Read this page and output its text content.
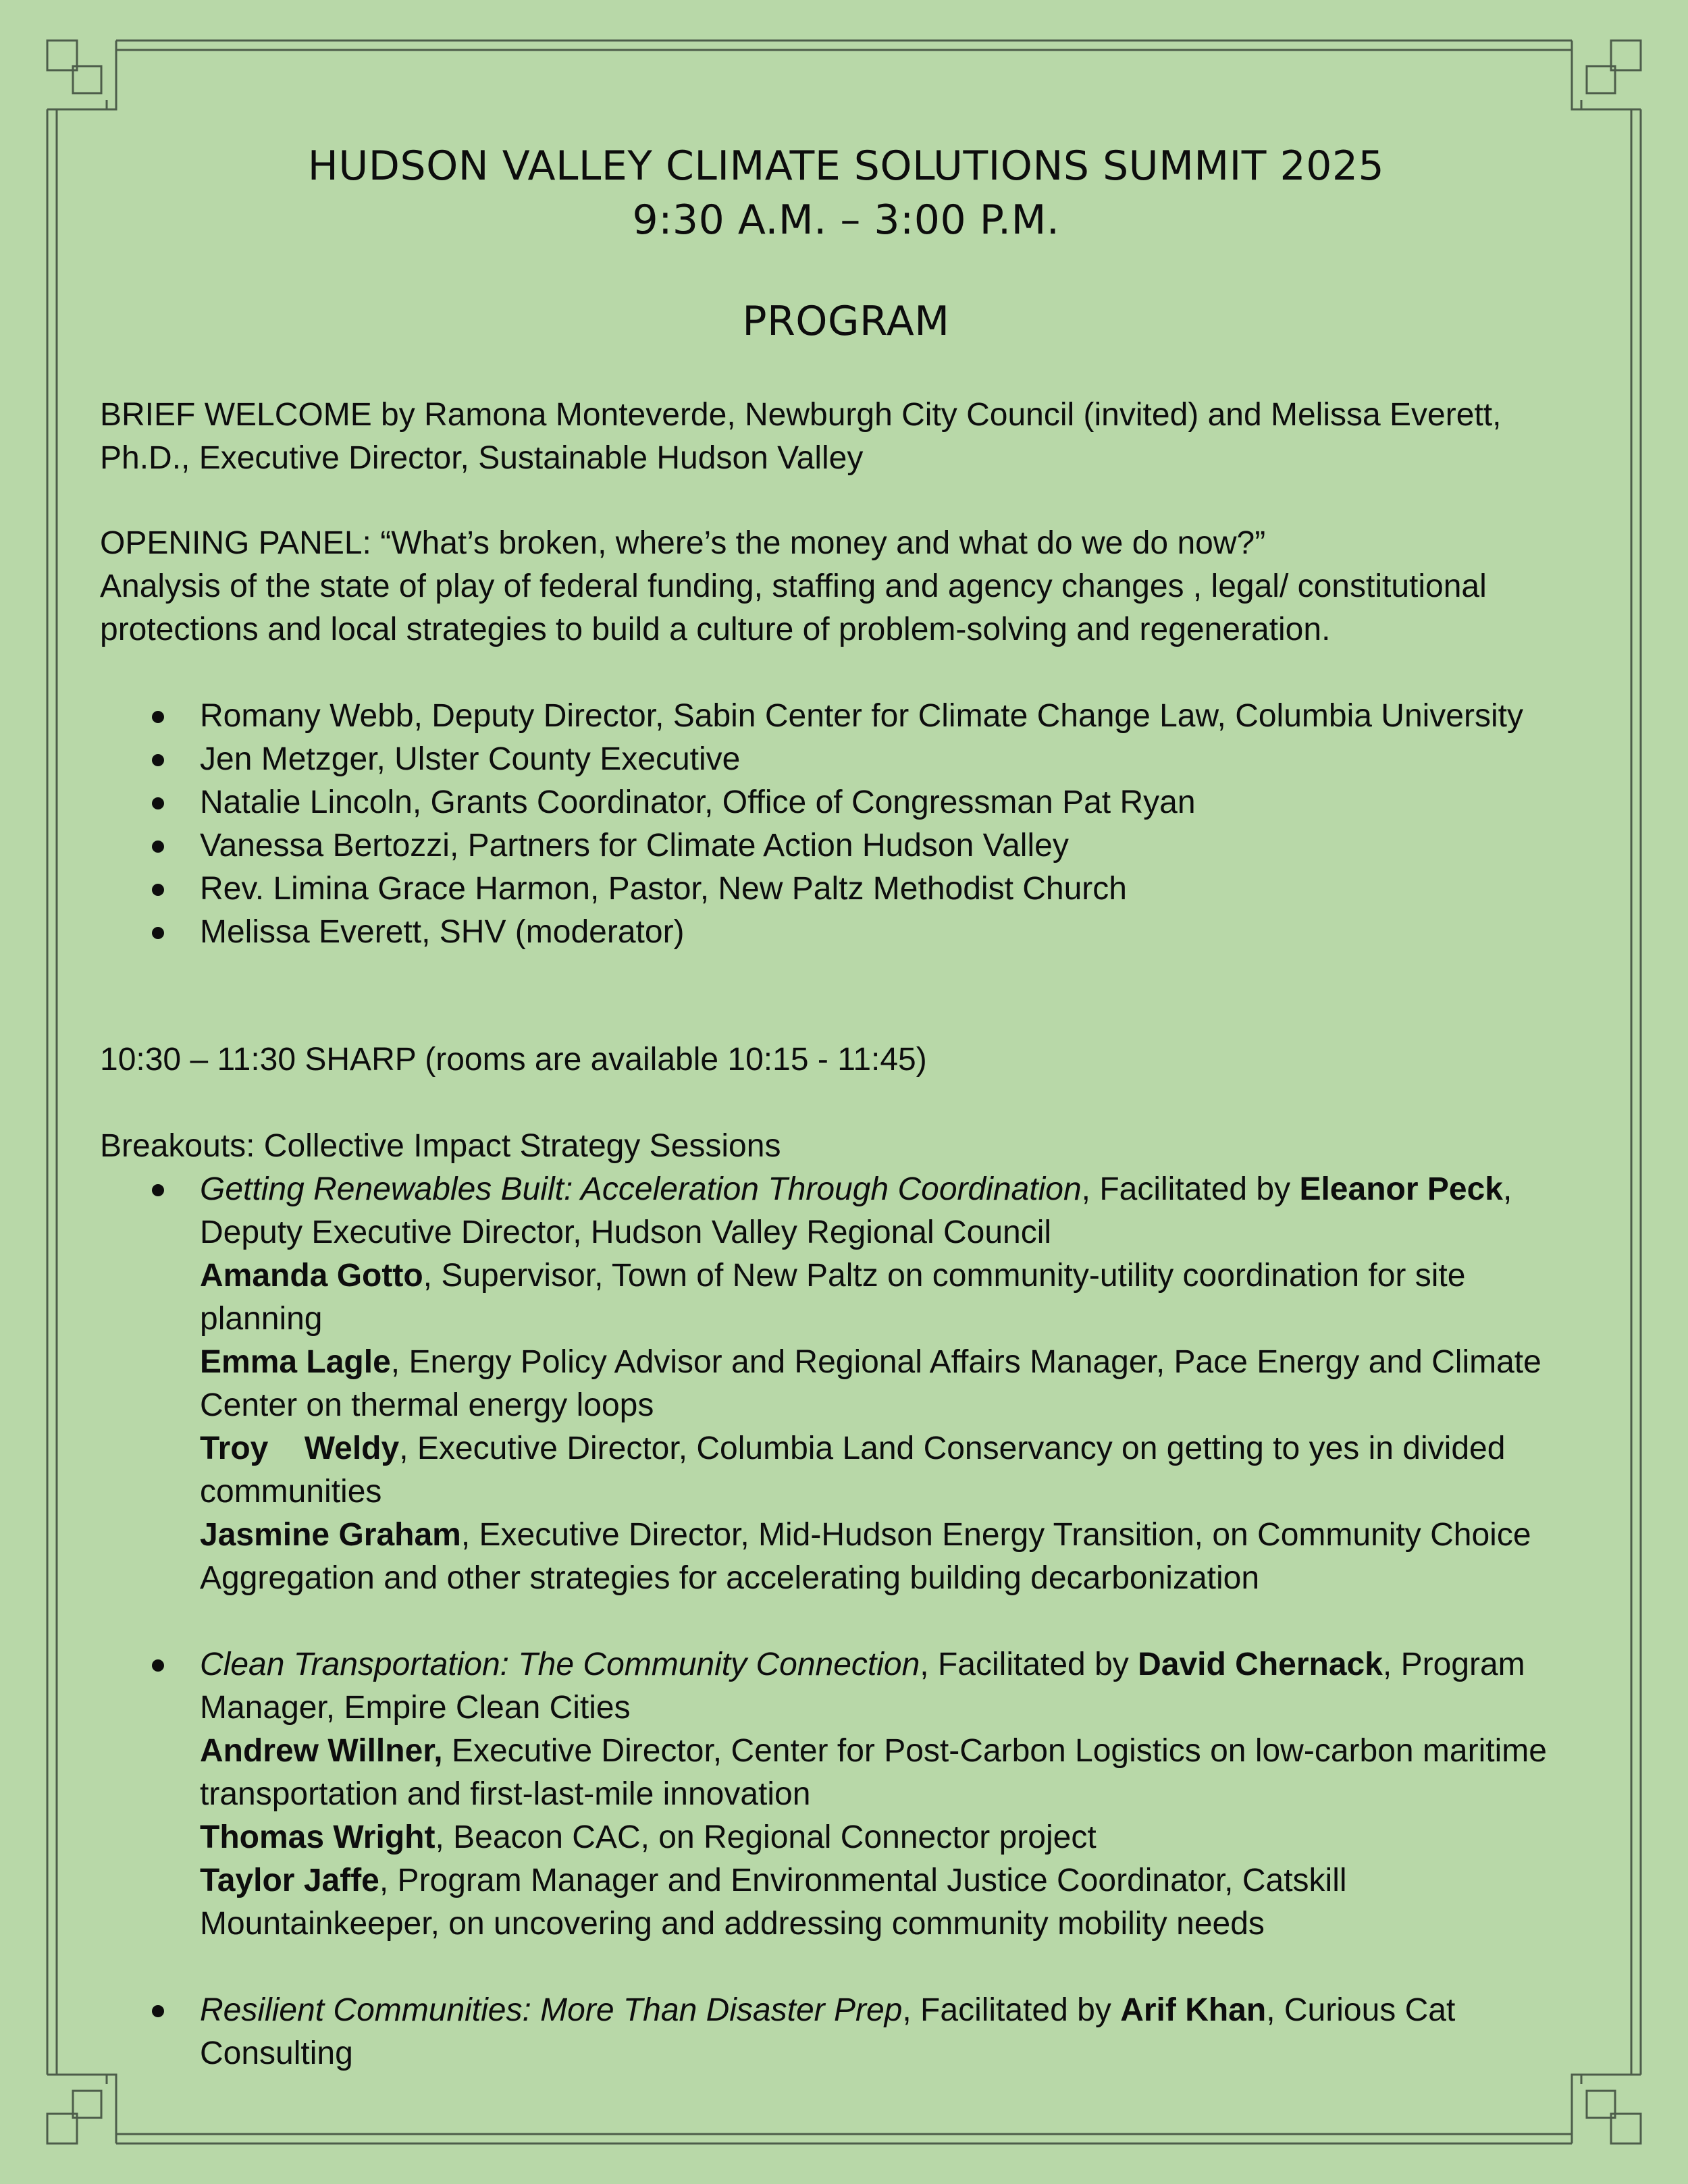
HUDSON VALLEY CLIMATE SOLUTIONS SUMMIT 2025
9:30 A.M. – 3:00 P.M.
PROGRAM
BRIEF WELCOME by Ramona Monteverde, Newburgh City Council (invited) and Melissa Everett, Ph.D., Executive Director, Sustainable Hudson Valley
OPENING PANEL: “What’s broken, where’s the money and what do we do now?”
Analysis of the state of play of federal funding, staffing and agency changes , legal/ constitutional protections and local strategies to build a culture of problem-solving and regeneration.
Romany Webb, Deputy Director, Sabin Center for Climate Change Law, Columbia University
Jen Metzger, Ulster County Executive
Natalie Lincoln, Grants Coordinator, Office of Congressman Pat Ryan
Vanessa Bertozzi, Partners for Climate Action Hudson Valley
Rev. Limina Grace Harmon, Pastor, New Paltz Methodist Church
Melissa Everett, SHV (moderator)
10:30 – 11:30 SHARP (rooms are available 10:15 - 11:45)
Breakouts: Collective Impact Strategy Sessions
Getting Renewables Built: Acceleration Through Coordination, Facilitated by Eleanor Peck, Deputy Executive Director, Hudson Valley Regional Council
Amanda Gotto, Supervisor, Town of New Paltz on community-utility coordination for site planning
Emma Lagle, Energy Policy Advisor and Regional Affairs Manager, Pace Energy and Climate Center on thermal energy loops
Troy    Weldy, Executive Director, Columbia Land Conservancy on getting to yes in divided communities
Jasmine Graham, Executive Director, Mid-Hudson Energy Transition, on Community Choice Aggregation and other strategies for accelerating building decarbonization
Clean Transportation: The Community Connection, Facilitated by David Chernack, Program Manager, Empire Clean Cities
Andrew Willner, Executive Director, Center for Post-Carbon Logistics on low-carbon maritime transportation and first-last-mile innovation
Thomas Wright, Beacon CAC, on Regional Connector project
Taylor Jaffe, Program Manager and Environmental Justice Coordinator, Catskill Mountainkeeper, on uncovering and addressing community mobility needs
Resilient Communities: More Than Disaster Prep, Facilitated by Arif Khan, Curious Cat Consulting
